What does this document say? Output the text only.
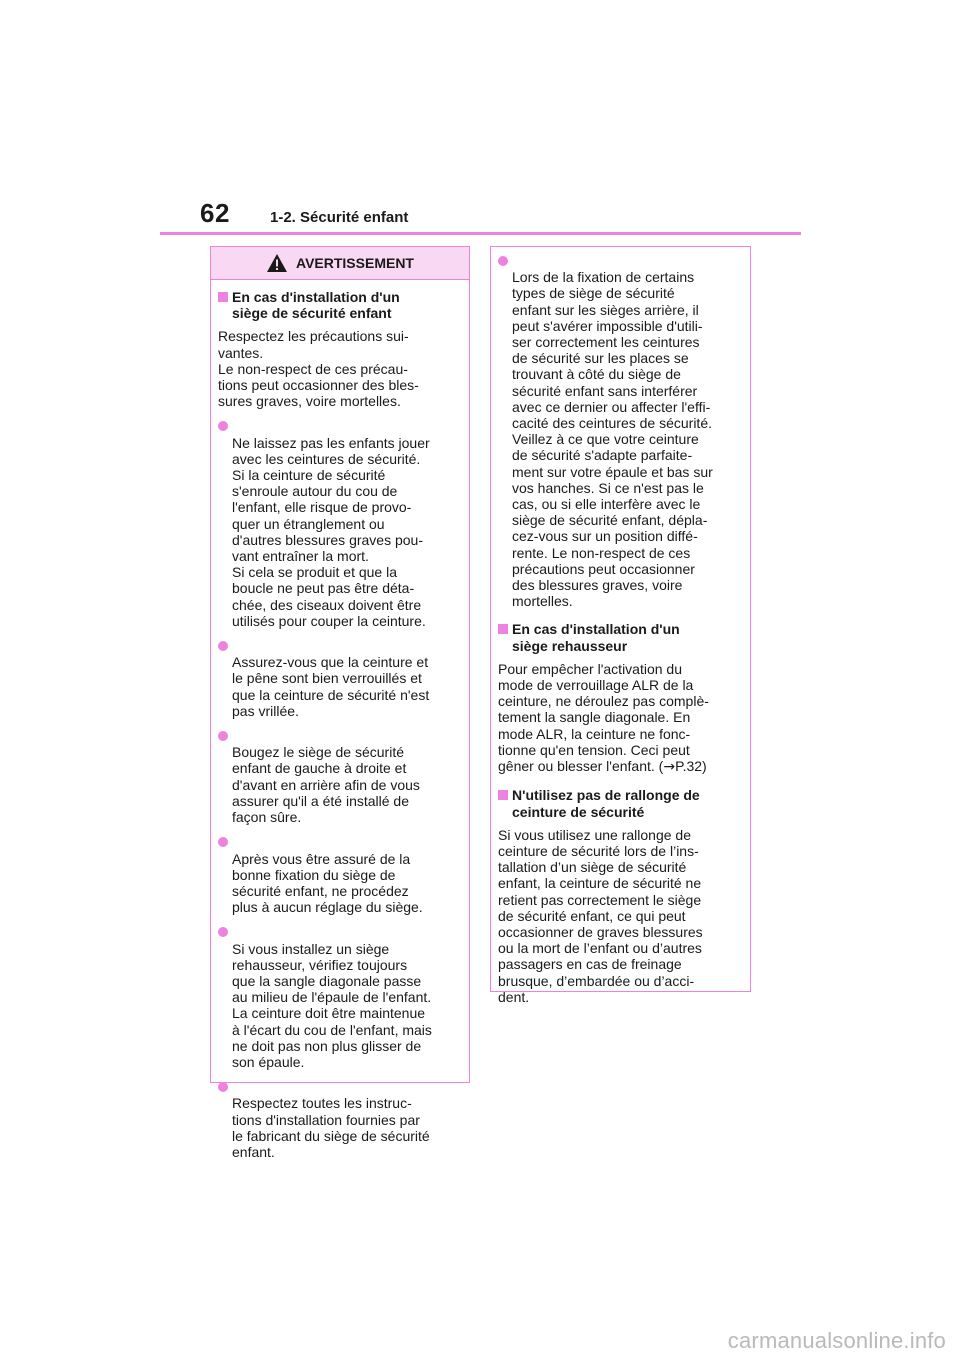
62	1-2. Sécurité enfant
AVERTISSEMENT
En cas d'installation d'un
siège de sécurité enfant
Respectez les précautions sui-
vantes.
Le non-respect de ces précau-
tions peut occasionner des bles-
sures graves, voire mortelles.

Ne laissez pas les enfants jouer
avec les ceintures de sécurité.
Si la ceinture de sécurité
s'enroule autour du cou de
l'enfant, elle risque de provo-
quer un étranglement ou
d'autres blessures graves pou-
vant entraîner la mort.
Si cela se produit et que la
boucle ne peut pas être déta-
chée, des ciseaux doivent être
utilisés pour couper la ceinture.

Assurez-vous que la ceinture et
le pêne sont bien verrouillés et
que la ceinture de sécurité n'est
pas vrillée.

Bougez le siège de sécurité
enfant de gauche à droite et
d'avant en arrière afin de vous
assurer qu'il a été installé de
façon sûre.

Après vous être assuré de la
bonne fixation du siège de
sécurité enfant, ne procédez
plus à aucun réglage du siège.

Si vous installez un siège
rehausseur, vérifiez toujours
que la sangle diagonale passe
au milieu de l'épaule de l'enfant.
La ceinture doit être maintenue
à l'écart du cou de l'enfant, mais
ne doit pas non plus glisser de
son épaule.

Respectez toutes les instruc-
tions d'installation fournies par
le fabricant du siège de sécurité
enfant.

Lors de la fixation de certains
types de siège de sécurité
enfant sur les sièges arrière, il
peut s'avérer impossible d'utili-
ser correctement les ceintures
de sécurité sur les places se
trouvant à côté du siège de
sécurité enfant sans interférer
avec ce dernier ou affecter l'effi-
cacité des ceintures de sécurité.
Veillez à ce que votre ceinture
de sécurité s'adapte parfaite-
ment sur votre épaule et bas sur
vos hanches. Si ce n'est pas le
cas, ou si elle interfère avec le
siège de sécurité enfant, dépla-
cez-vous sur un position diffé-
rente. Le non-respect de ces
précautions peut occasionner
des blessures graves, voire
mortelles.

En cas d'installation d'un
siège rehausseur
Pour empêcher l'activation du
mode de verrouillage ALR de la
ceinture, ne déroulez pas complè-
tement la sangle diagonale. En
mode ALR, la ceinture ne fonc-
tionne qu'en tension. Ceci peut
gêner ou blesser l'enfant. (→P.32)
N'utilisez pas de rallonge de
ceinture de sécurité
Si vous utilisez une rallonge de
ceinture de sécurité lors de l’ins-
tallation d’un siège de sécurité
enfant, la ceinture de sécurité ne
retient pas correctement le siège
de sécurité enfant, ce qui peut
occasionner de graves blessures
ou la mort de l’enfant ou d’autres
passagers en cas de freinage
brusque, d’embardée ou d’acci-
dent.
carmanualsonline.info
